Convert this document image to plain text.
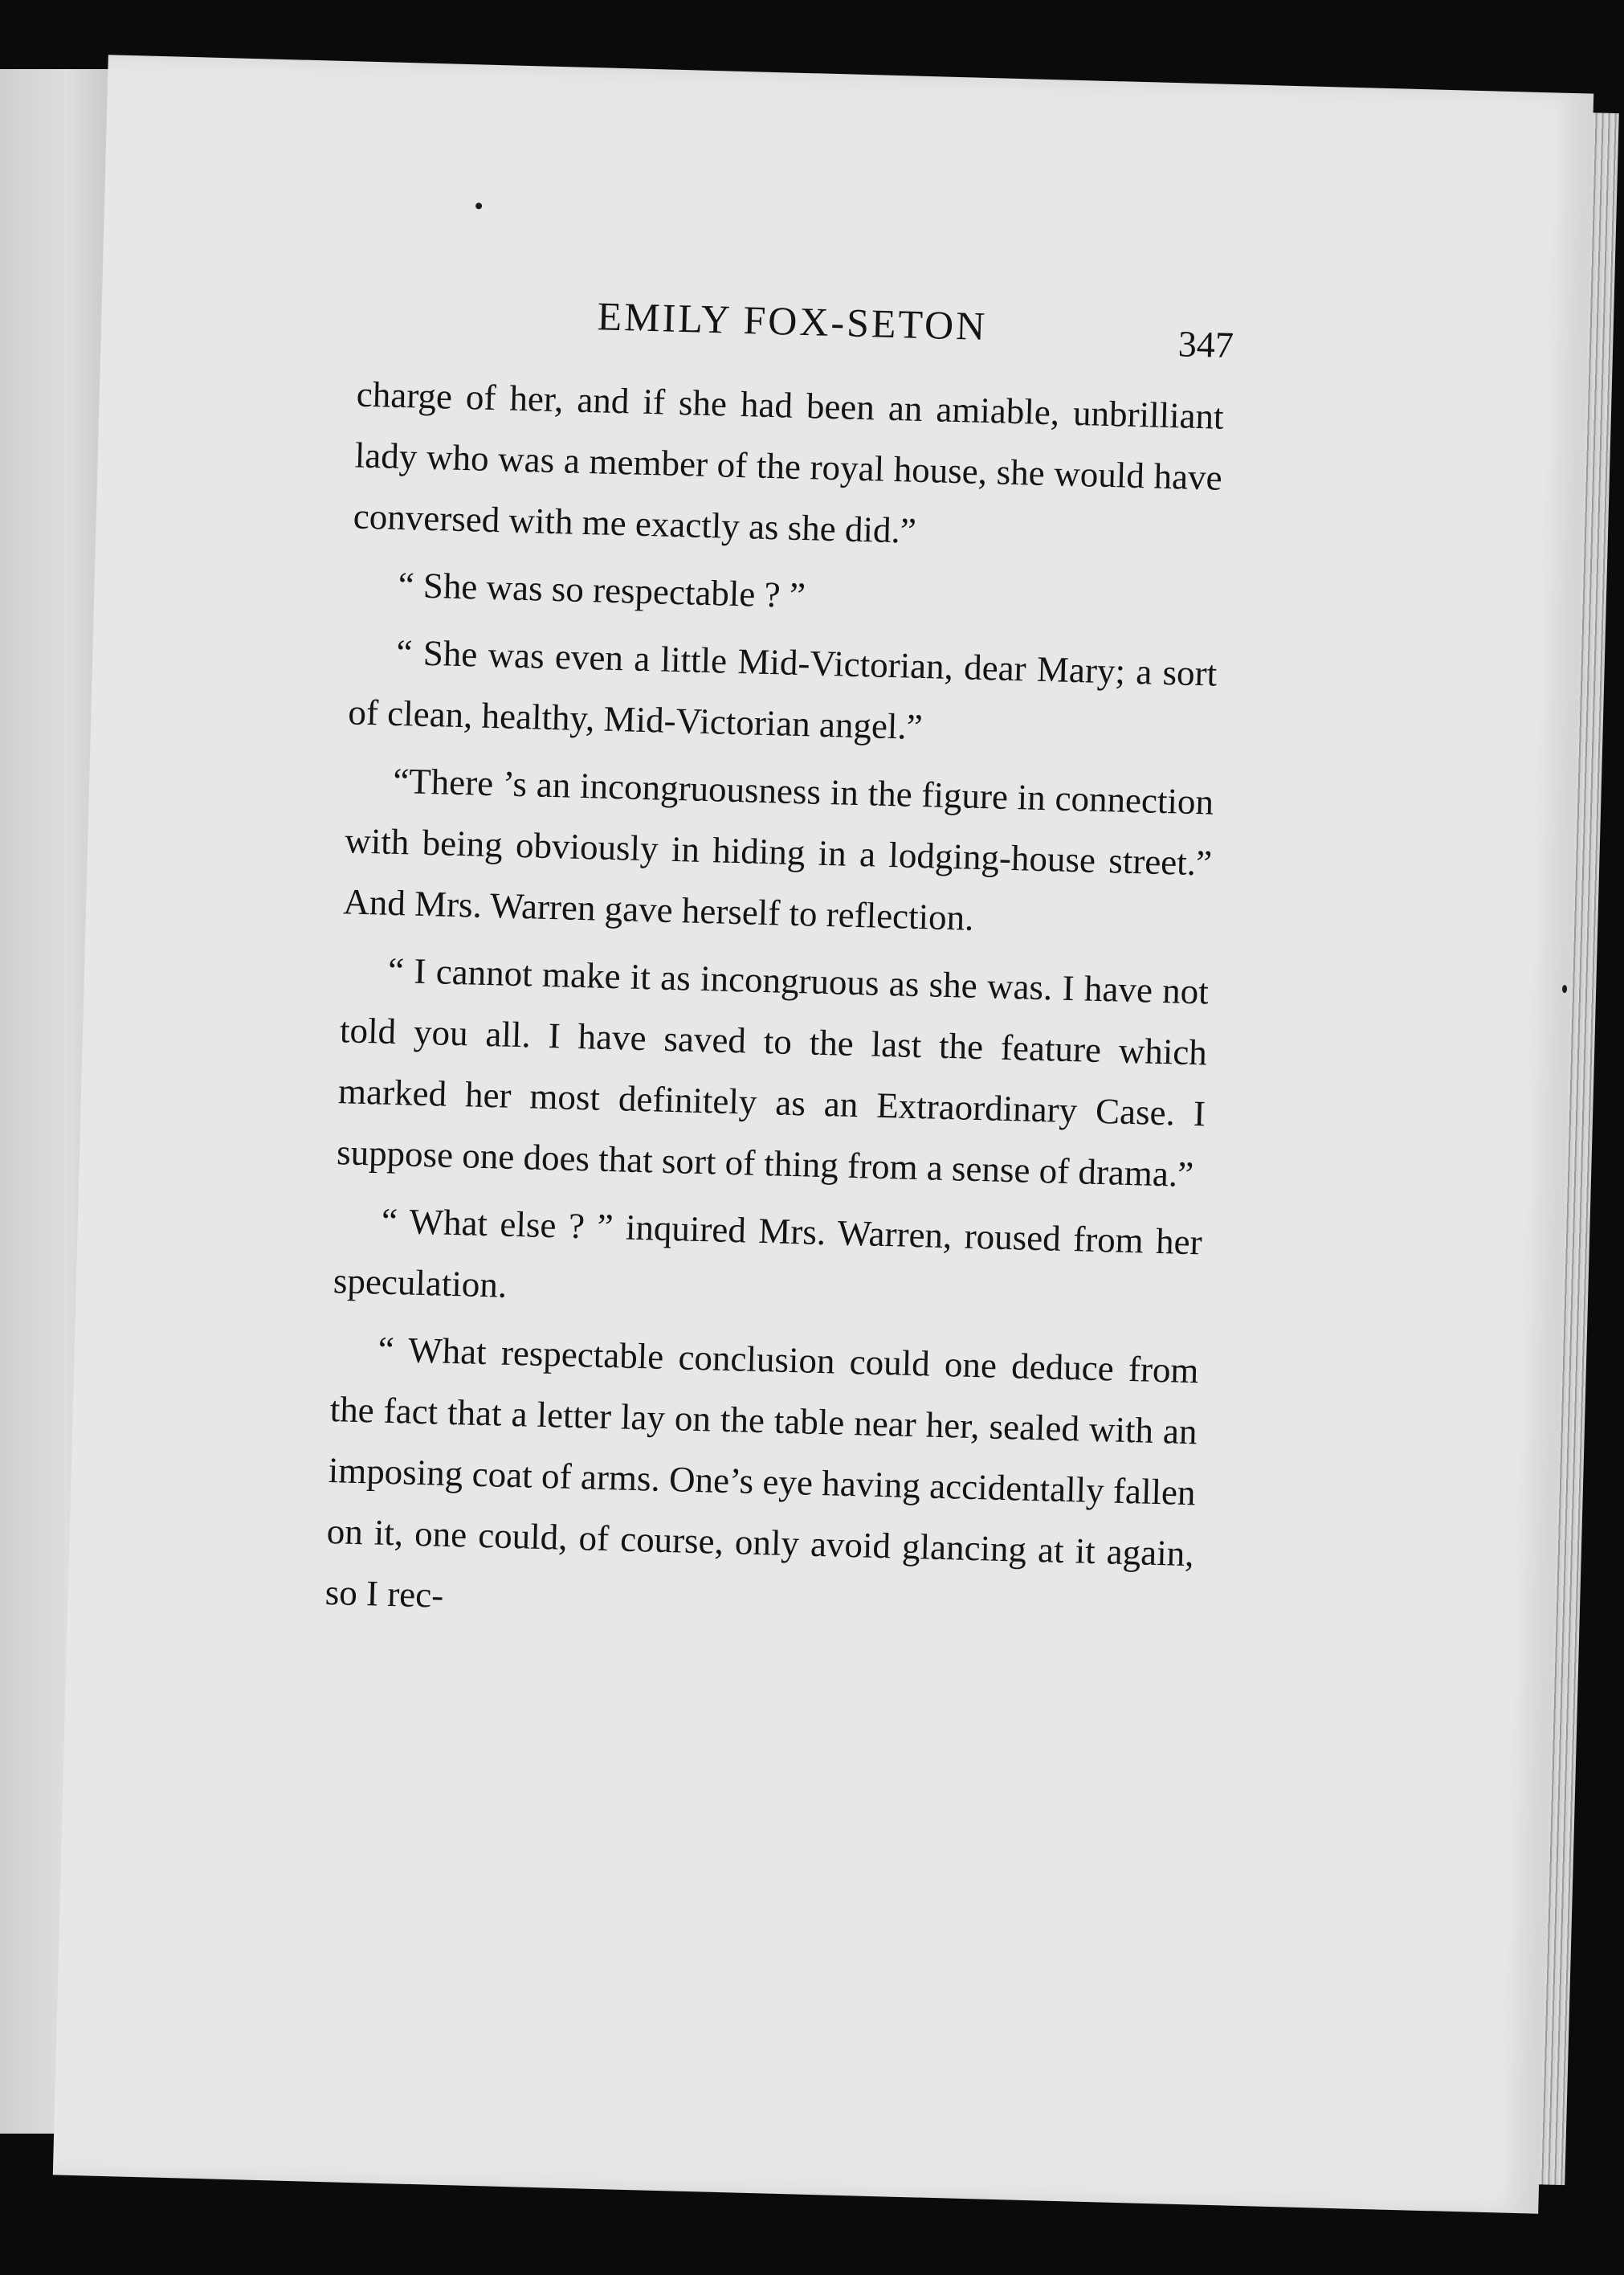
EMILY FOX-SETON	347

charge of her, and if she had been an amiable, unbrilliant lady who was a member of the royal house, she would have conversed with me exactly as she did.”

“ She was so respectable ? ”

“ She was even a little Mid-Victorian, dear Mary; a sort of clean, healthy, Mid-Victorian angel.”

“There ’s an incongruousness in the figure in connection with being obviously in hiding in a lodging-house street.” And Mrs. Warren gave herself to reflection.

“ I cannot make it as incongruous as she was. I have not told you all. I have saved to the last the feature which marked her most definitely as an Extraordinary Case. I suppose one does that sort of thing from a sense of drama.”

“ What else ? ” inquired Mrs. Warren, roused from her speculation.

“ What respectable conclusion could one deduce from the fact that a letter lay on the table near her, sealed with an imposing coat of arms. One’s eye having accidentally fallen on it, one could, of course, only avoid glancing at it again, so I rec-
